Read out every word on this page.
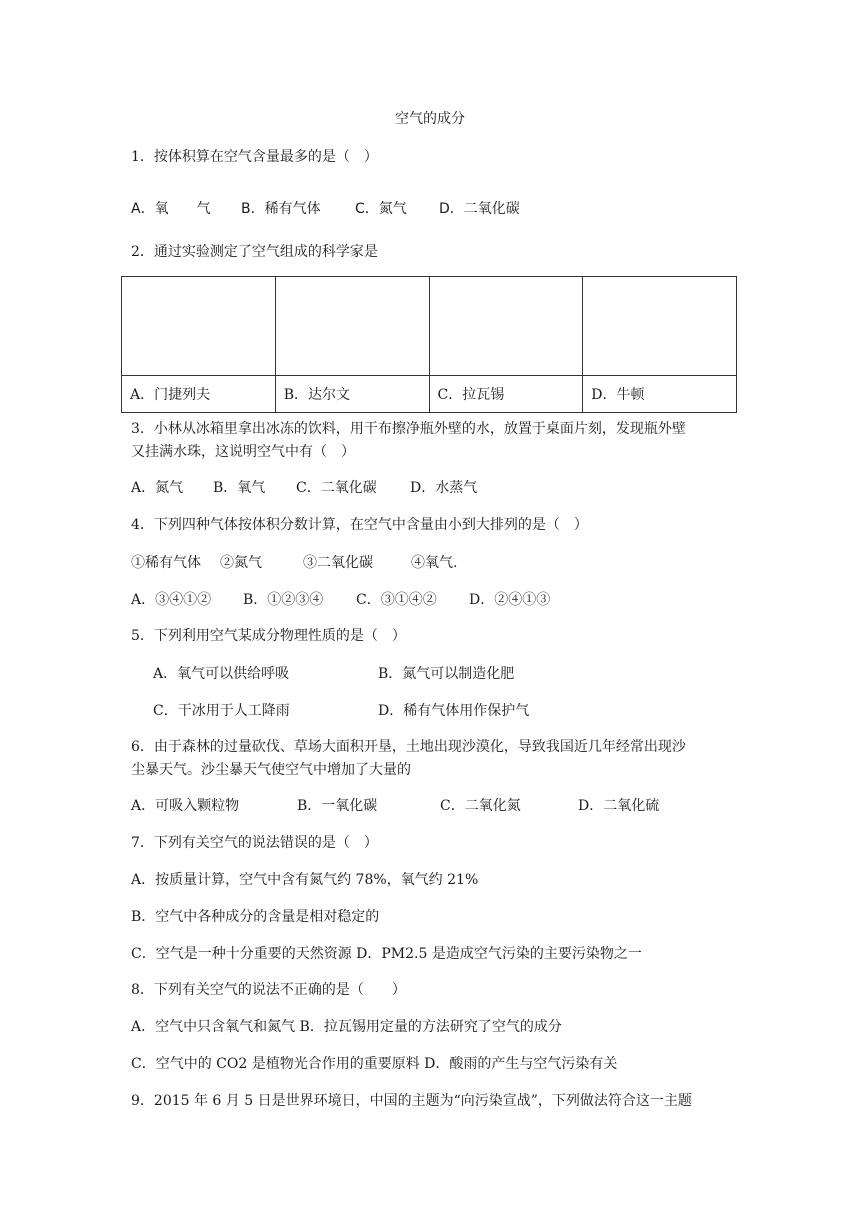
空气的成分
1．按体积算在空气含量最多的是（　）
A．氧　　气 B．稀有气体 C．氮气 D．二氧化碳
2．通过实验测定了空气组成的科学家是

A．门捷列夫	B．达尔文	C．拉瓦锡	D．牛顿
3．小林从冰箱里拿出冰冻的饮料，用干布擦净瓶外壁的水，放置于桌面片刻，发现瓶外壁
又挂满水珠，这说明空气中有（　）
A．氮气 B．氧气 C．二氧化碳 D．水蒸气
4．下列四种气体按体积分数计算，在空气中含量由小到大排列的是（　）
①稀有气体 ②氮气	③二氧化碳	④氧气.
A．③④①② B．①②③④ C．③①④② D．②④①③
5．下列利用空气某成分物理性质的是（　）
A．氧气可以供给呼吸	B．氮气可以制造化肥
C．干冰用于人工降雨	D．稀有气体用作保护气
6．由于森林的过量砍伐、草场大面积开垦，土地出现沙漠化，导致我国近几年经常出现沙
尘暴天气。沙尘暴天气使空气中增加了大量的
A．可吸入颗粒物	B．一氧化碳	C．二氧化氮	D．二氧化硫
7．下列有关空气的说法错误的是（　）
A．按质量计算，空气中含有氮气约 78%，氧气约 21%
B．空气中各种成分的含量是相对稳定的
C．空气是一种十分重要的天然资源 D．PM2.5 是造成空气污染的主要污染物之一
8．下列有关空气的说法不正确的是（　　）
A．空气中只含氧气和氮气 B．拉瓦锡用定量的方法研究了空气的成分
C．空气中的 CO2 是植物光合作用的重要原料 D．酸雨的产生与空气污染有关
9．2015 年 6 月 5 日是世界环境日，中国的主题为“向污染宣战”，下列做法符合这一主题
